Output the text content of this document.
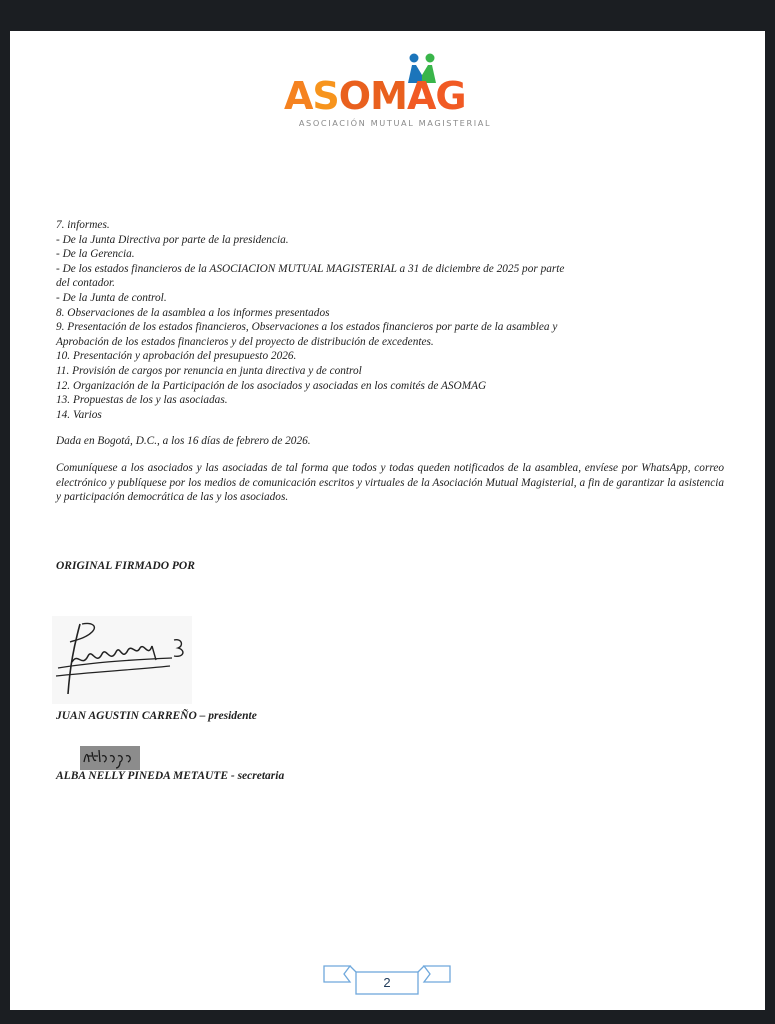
ASOMAG
ASOCIACIÓN MUTUAL MAGISTERIAL

7. informes.

- De la Junta Directiva por parte de la presidencia.

- De la Gerencia.

- De los estados financieros de la ASOCIACION MUTUAL MAGISTERIAL a 31 de diciembre de 2025 por parte

del contador.

- De la Junta de control.

8. Observaciones de la asamblea a los informes presentados

9. Presentación de los estados financieros, Observaciones a los estados financieros por parte de la asamblea y

Aprobación de los estados financieros y del proyecto de distribución de excedentes.

10. Presentación y aprobación del presupuesto 2026.

11. Provisión de cargos por renuncia en junta directiva y de control

12. Organización de la Participación de los asociados y asociadas en los comités de ASOMAG

13. Propuestas de los y las asociadas.

14. Varios

Dada en Bogotá, D.C., a los 16 días de febrero de 2026.

Comuníquese a los asociados y las asociadas de tal forma que todos y todas queden notificados de la asamblea, envíese por WhatsApp, correo electrónico y publíquese por los medios de comunicación escritos y virtuales de la Asociación Mutual Magisterial, a fin de garantizar la asistencia y participación democrática de las y los asociados.

ORIGINAL FIRMADO POR
JUAN AGUSTIN CARREÑO – presidente
ALBA NELLY PINEDA METAUTE - secretaria
2
